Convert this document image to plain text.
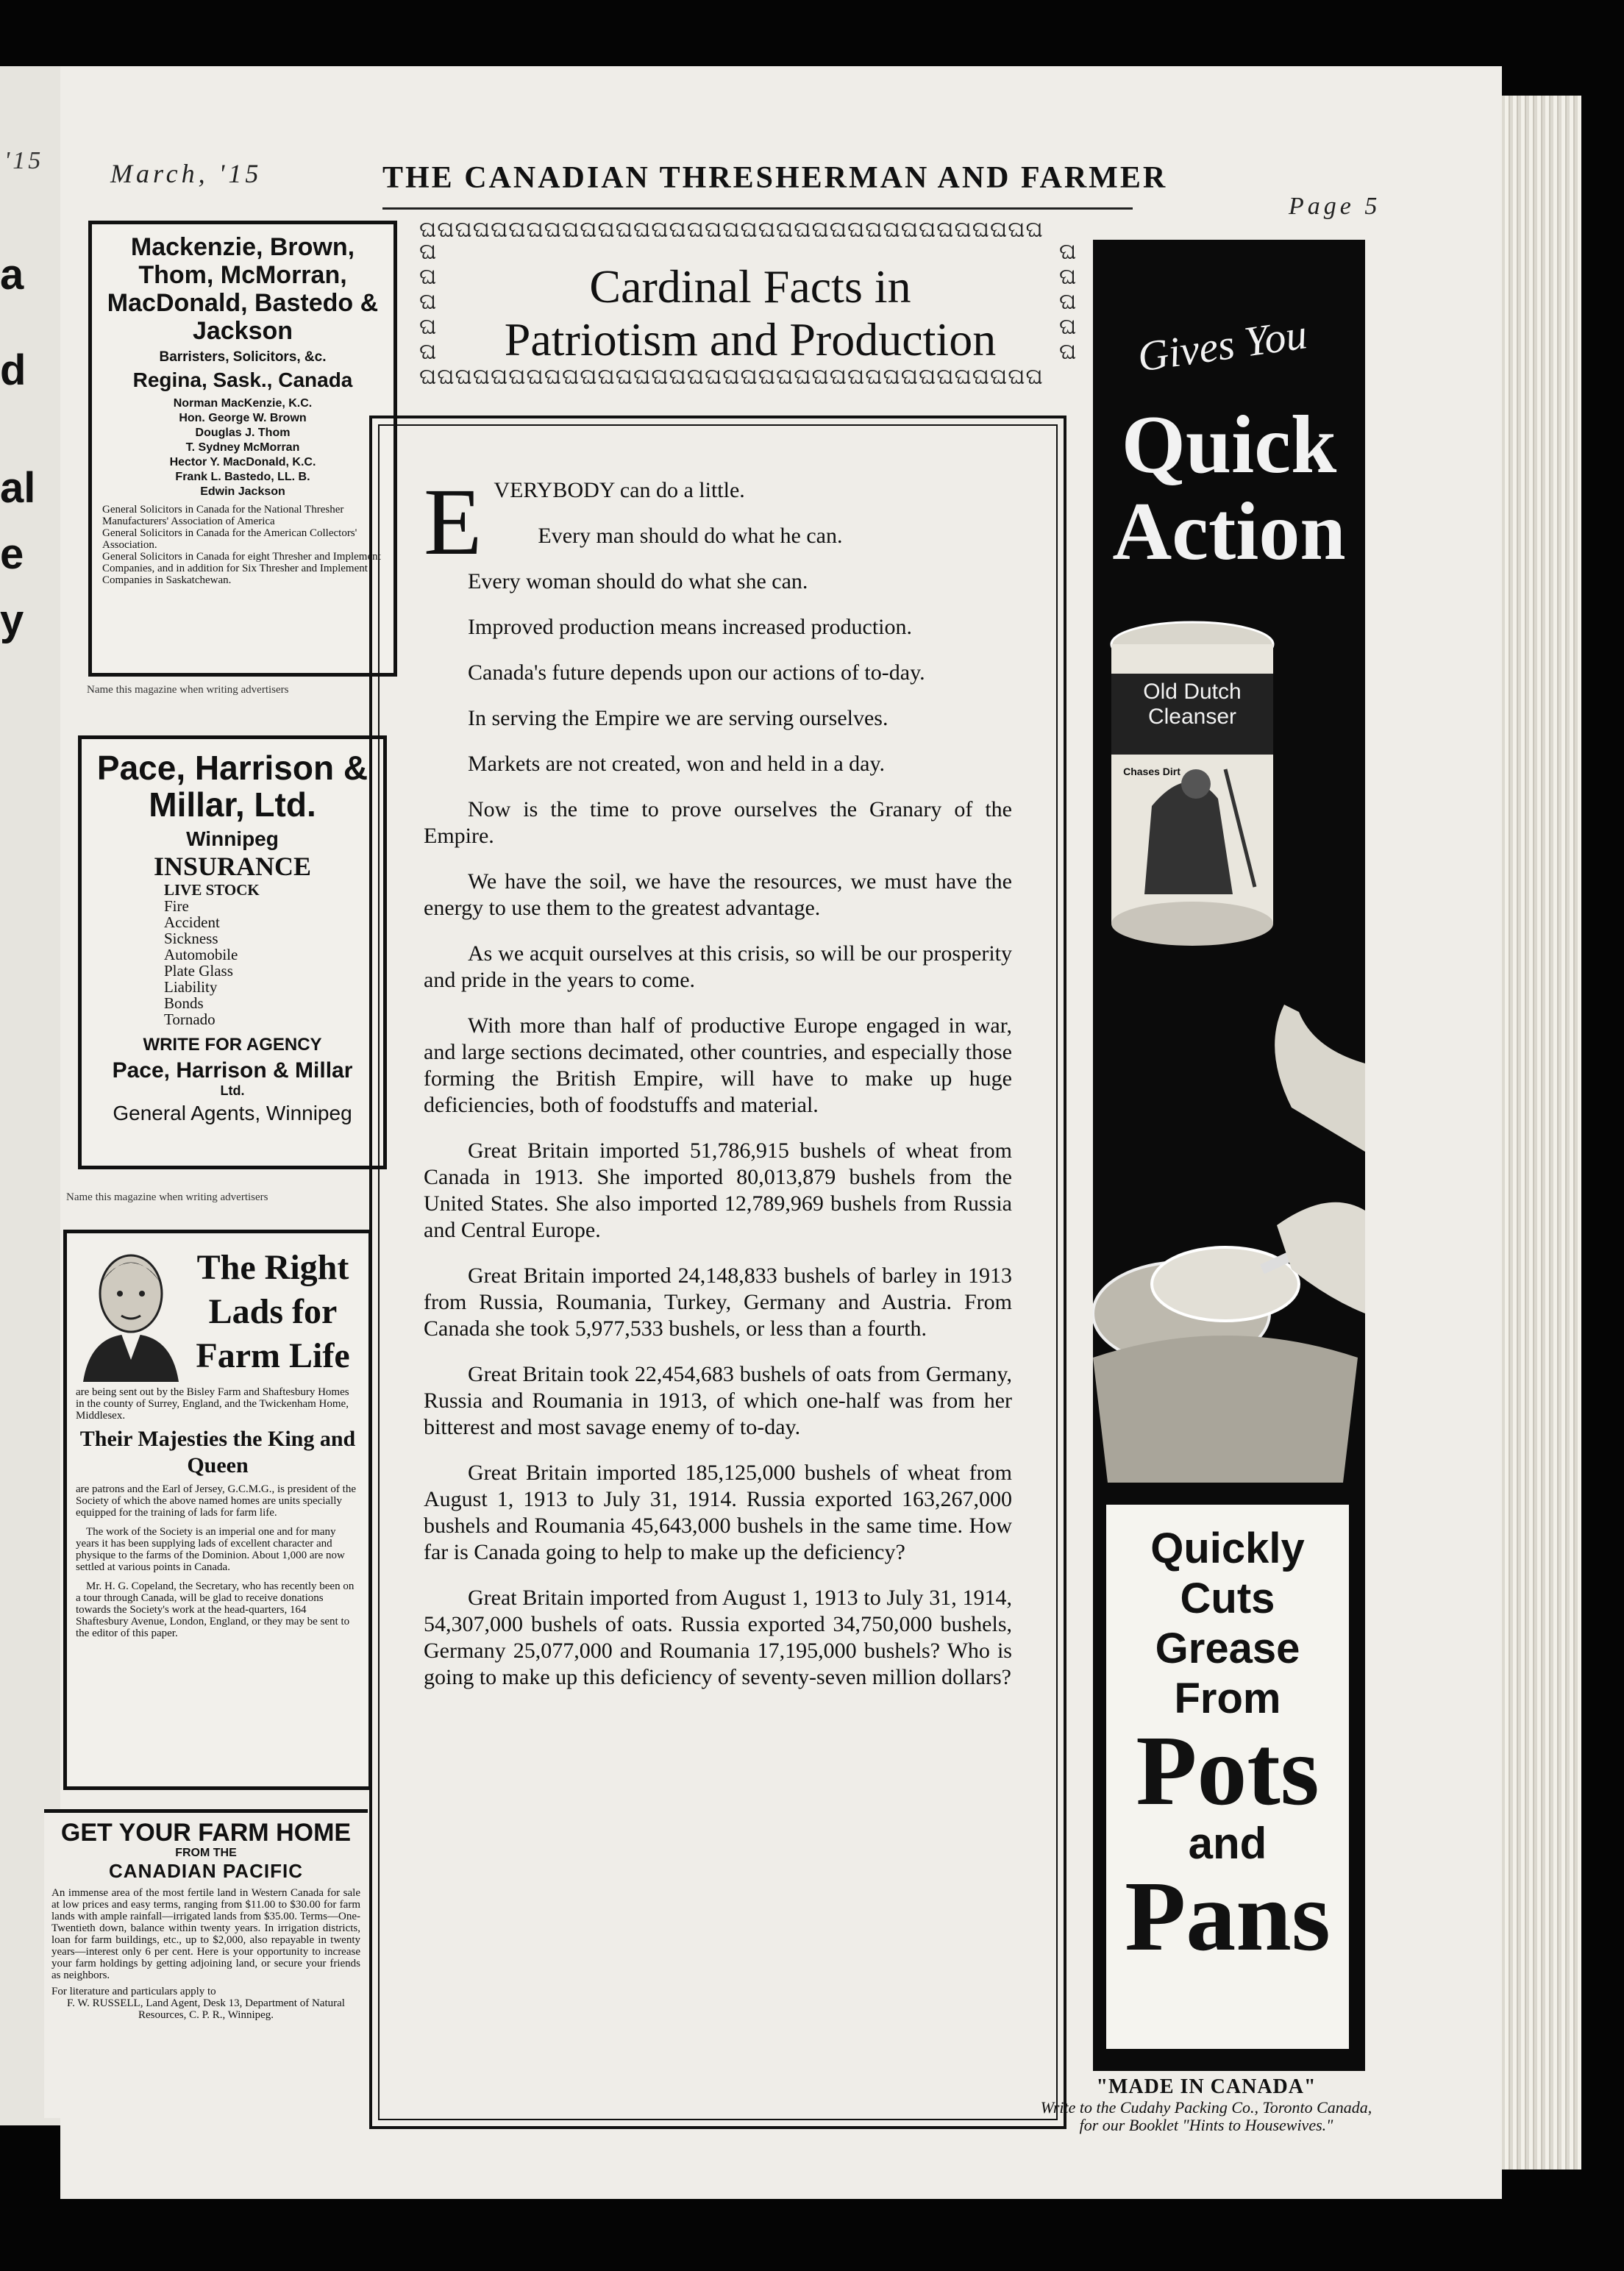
'15
a
d
al
e
y
March, '15	THE CANADIAN THRESHERMAN AND FARMER
Page 5
Mackenzie, Brown, Thom, McMorran, MacDonald, Bastedo & Jackson
Barristers, Solicitors, &c.
Regina, Sask., Canada
Norman MacKenzie, K.C.
Hon. George W. Brown
Douglas J. Thom
T. Sydney McMorran
Hector Y. MacDonald, K.C.
Frank L. Bastedo, LL. B.
Edwin Jackson
General Solicitors in Canada for the National Thresher Manufacturers' Association of America
General Solicitors in Canada for the American Collectors' Association.
General Solicitors in Canada for eight Thresher and Implement Companies, and in addition for Six Thresher and Implement Companies in Saskatchewan.
Name this magazine when writing advertisers
Pace, Harrison & Millar, Ltd.
Winnipeg
INSURANCE
LIVE STOCK
Fire
Accident
Sickness
Automobile
Plate Glass
Liability
Bonds
Tornado
WRITE FOR AGENCY
Pace, Harrison & Millar
Ltd.
General Agents, Winnipeg
Name this magazine when writing advertisers
The Right Lads for Farm Life
are being sent out by the Bisley Farm and Shaftesbury Homes in the county of Surrey, England, and the Twickenham Home, Middlesex.
Their Majesties the King and Queen
are patrons and the Earl of Jersey, G.C.M.G., is president of the Society of which the above named homes are units specially equipped for the training of lads for farm life.
The work of the Society is an imperial one and for many years it has been supplying lads of excellent character and physique to the farms of the Dominion. About 1,000 are now settled at various points in Canada.
Mr. H. G. Copeland, the Secretary, who has recently been on a tour through Canada, will be glad to receive donations towards the Society's work at the head-quarters, 164 Shaftesbury Avenue, London, England, or they may be sent to the editor of this paper.
GET YOUR FARM HOME
FROM THE
CANADIAN PACIFIC
An immense area of the most fertile land in Western Canada for sale at low prices and easy terms, ranging from $11.00 to $30.00 for farm lands with ample rainfall—irrigated lands from $35.00. Terms—One-Twentieth down, balance within twenty years. In irrigation districts, loan for farm buildings, etc., up to $2,000, also repayable in twenty years—interest only 6 per cent. Here is your opportunity to increase your farm holdings by getting adjoining land, or secure your friends as neighbors.
For literature and particulars apply to
F. W. RUSSELL, Land Agent, Desk 13, Department of Natural Resources, C. P. R., Winnipeg.
ଘଘଘଘଘଘଘଘଘଘଘଘଘଘଘଘଘଘଘଘଘଘଘଘଘଘଘଘଘଘଘଘଘଘଘ
ଘ
ଘ
ଘ
ଘ
ଘ
ଘ
ଘ
ଘ
ଘ
ଘ
ଘଘଘଘଘଘଘଘଘଘଘଘଘଘଘଘଘଘଘଘଘଘଘଘଘଘଘଘଘଘଘଘଘଘଘ
Cardinal Facts in
Patriotism and Production

EVERYBODY can do a little.

Every man should do what he can.

Every woman should do what she can.

Improved production means increased production.

Canada's future depends upon our actions of to-day.

In serving the Empire we are serving ourselves.

Markets are not created, won and held in a day.

Now is the time to prove ourselves the Granary of the Empire.

We have the soil, we have the resources, we must have the energy to use them to the greatest advantage.

As we acquit ourselves at this crisis, so will be our prosperity and pride in the years to come.

With more than half of productive Europe engaged in war, and large sections decimated, other countries, and especially those forming the British Empire, will have to make up huge deficiencies, both of foodstuffs and material.

Great Britain imported 51,786,915 bushels of wheat from Canada in 1913. She imported 80,013,879 bushels from the United States. She also imported 12,789,969 bushels from Russia and Central Europe.

Great Britain imported 24,148,833 bushels of barley in 1913 from Russia, Roumania, Turkey, Germany and Austria. From Canada she took 5,977,533 bushels, or less than a fourth.

Great Britain took 22,454,683 bushels of oats from Germany, Russia and Roumania in 1913, of which one-half was from her bitterest and most savage enemy of to-day.

Great Britain imported 185,125,000 bushels of wheat from August 1, 1913 to July 31, 1914. Russia exported 163,267,000 bushels and Roumania 45,643,000 bushels in the same time. How far is Canada going to help to make up the deficiency?

Great Britain imported from August 1, 1913 to July 31, 1914, 54,307,000 bushels of oats. Russia exported 34,750,000 bushels, Germany 25,077,000 and Roumania 17,195,000 bushels? Who is going to make up this deficiency of seventy-seven million dollars?

Gives You
Quick Action
Old Dutch Cleanser
Chases Dirt
Quickly Cuts Grease From
Pots
and
Pans
"MADE IN CANADA"
Write to the Cudahy Packing Co., Toronto Canada, for our Booklet "Hints to Housewives."
